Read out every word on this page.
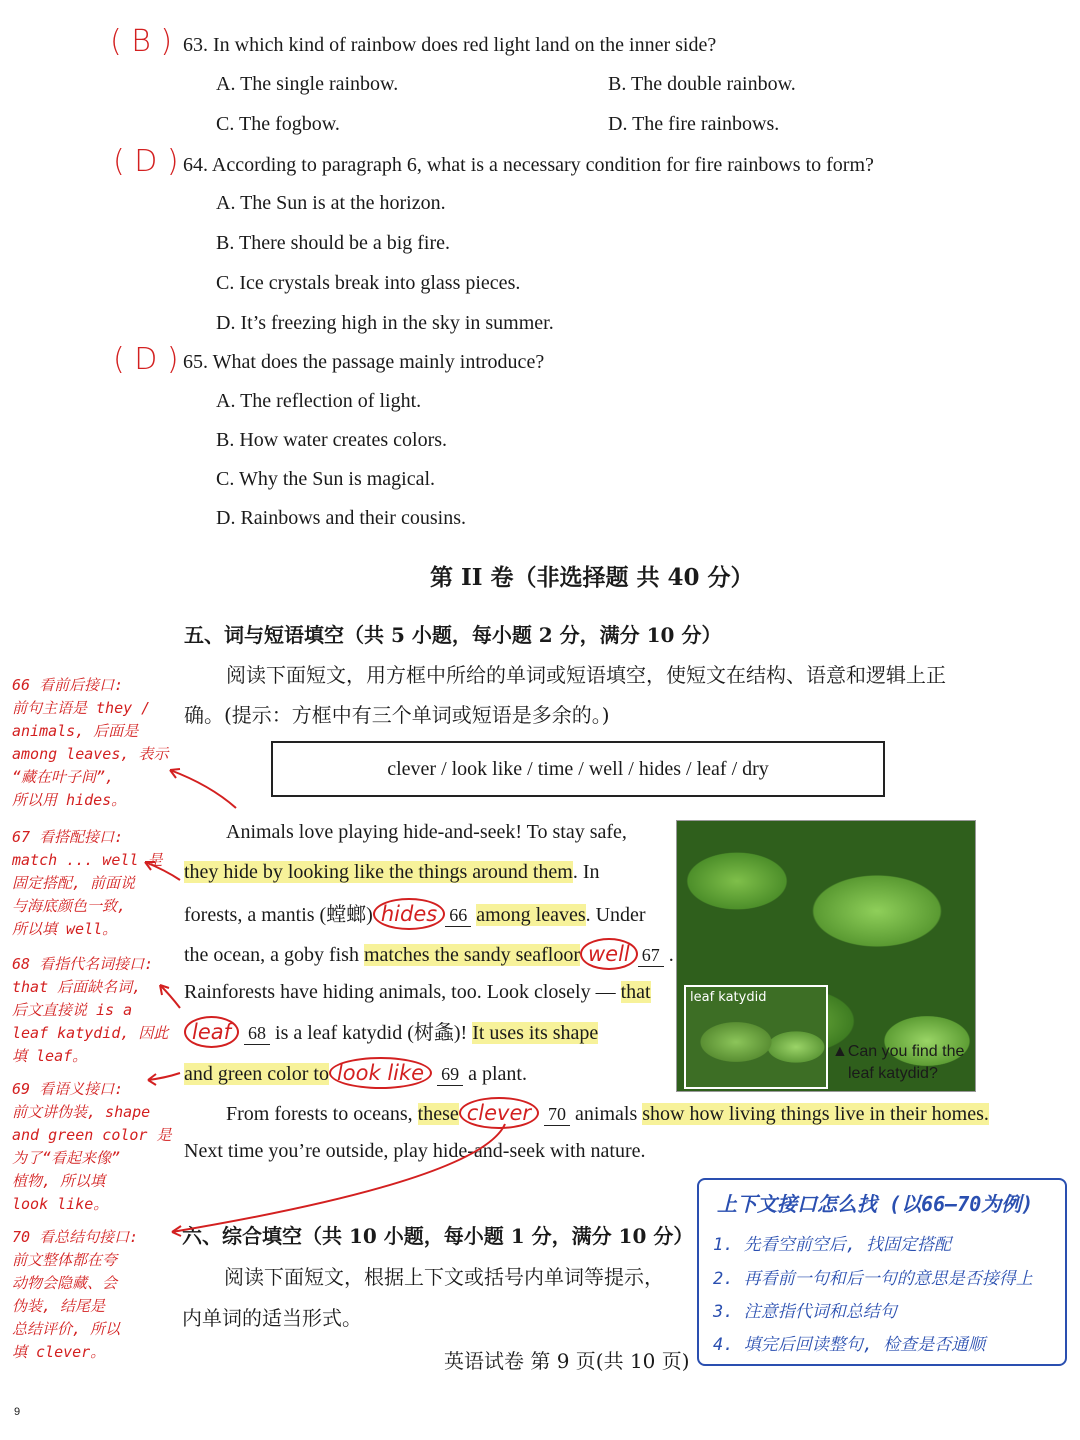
( B ) 63. In which kind of rainbow does red light land on the inner side?
A. The single rainbow.	B. The double rainbow.
C. The fogbow.	D. The fire rainbows.
( D ) 64. According to paragraph 6, what is a necessary condition for fire rainbows to form?
A. The Sun is at the horizon.
B. There should be a big fire.
C. Ice crystals break into glass pieces.
D. It’s freezing high in the sky in summer.
( D ) 65. What does the passage mainly introduce?
A. The reflection of light.
B. How water creates colors.
C. Why the Sun is magical.
D. Rainbows and their cousins.
第 II 卷（非选择题 共 40 分）
五、词与短语填空（共 5 小题，每小题 2 分，满分 10 分）
阅读下面短文，用方框中所给的单词或短语填空，使短文在结构、语意和逻辑上正
确。(提示：方框中有三个单词或短语是多余的。)
clever / look like / time / well / hides / leaf / dry
Animals love playing hide-and-seek! To stay safe,
they hide by looking like the things around them. In
forests, a mantis (螳螂) hides 66 among leaves. Under
the ocean, a goby fish matches the sandy seafloor well 67 .
Rainforests have hiding animals, too. Look closely — that
leaf 68 is a leaf katydid (树螽)! It uses its shape
and green color to look like 69 a plant.
From forests to oceans, these clever 70 animals show how living things live in their homes.
Next time you’re outside, play hide-and-seek with nature.
leaf katydid
▲Can you find the
leaf katydid?
六、综合填空（共 10 小题，每小题 1 分，满分 10 分）
阅读下面短文，根据上下文或括号内单词等提示，
内单词的适当形式。
66 看前后接口:
前句主语是 they /
animals, 后面是
among leaves, 表示
“藏在叶子间”,
所以用 hides。
67 看搭配接口:
match ... well 是
固定搭配, 前面说
与海底颜色一致,
所以填 well。
68 看指代名词接口:
that 后面缺名词,
后文直接说 is a
leaf katydid, 因此
填 leaf。
69 看语义接口:
前文讲伪装, shape
and green color 是
为了“看起来像”
植物, 所以填
look like。
70 看总结句接口:
前文整体都在夸
动物会隐藏、会
伪装, 结尾是
总结评价, 所以
填 clever。
上下文接口怎么找 (以66–70为例)
1. 先看空前空后, 找固定搭配
2. 再看前一句和后一句的意思是否接得上
3. 注意指代词和总结句
4. 填完后回读整句, 检查是否通顺
英语试卷 第 9 页(共 10 页)
9
